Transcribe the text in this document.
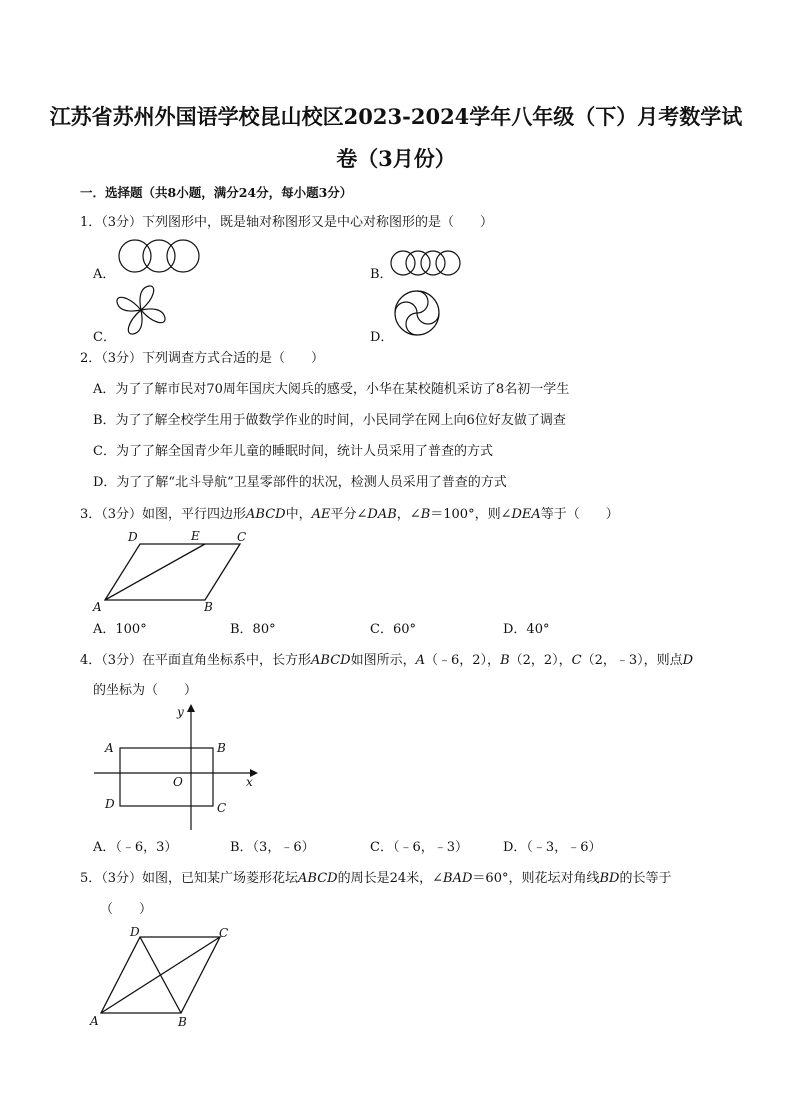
江苏省苏州外国语学校昆山校区2023-2024学年八年级（下）月考数学试
卷（3月份）
一．选择题（共8小题，满分24分，每小题3分）
1．（3分）下列图形中，既是轴对称图形又是中心对称图形的是（　　）
A．	B．
C．	D．
2．（3分）下列调查方式合适的是（　　）
A．为了了解市民对70周年国庆大阅兵的感受，小华在某校随机采访了8名初一学生
B．为了了解全校学生用于做数学作业的时间，小民同学在网上向6位好友做了调查
C．为了了解全国青少年儿童的睡眠时间，统计人员采用了普查的方式
D．为了了解“北斗导航”卫星零部件的状况，检测人员采用了普查的方式
3．（3分）如图，平行四边形ABCD中，AE平分∠DAB，∠B＝100°，则∠DEA等于（　　）
A	B
C
D	E
A．100°	B．80°	C．60°	D．40°
4．（3分）在平面直角坐标系中，长方形ABCD如图所示，A（﹣6，2），B（2，2），C（2，﹣3），则点D
的坐标为（　　）
A	B
C
D
O	x
y
A．（﹣6，3）	B．（3，﹣6）	C．（﹣6，﹣3）	D．（﹣3，﹣6）
5．（3分）如图，已知某广场菱形花坛ABCD的周长是24米，∠BAD＝60°，则花坛对角线BD的长等于
（　　）
A	B
C
D
